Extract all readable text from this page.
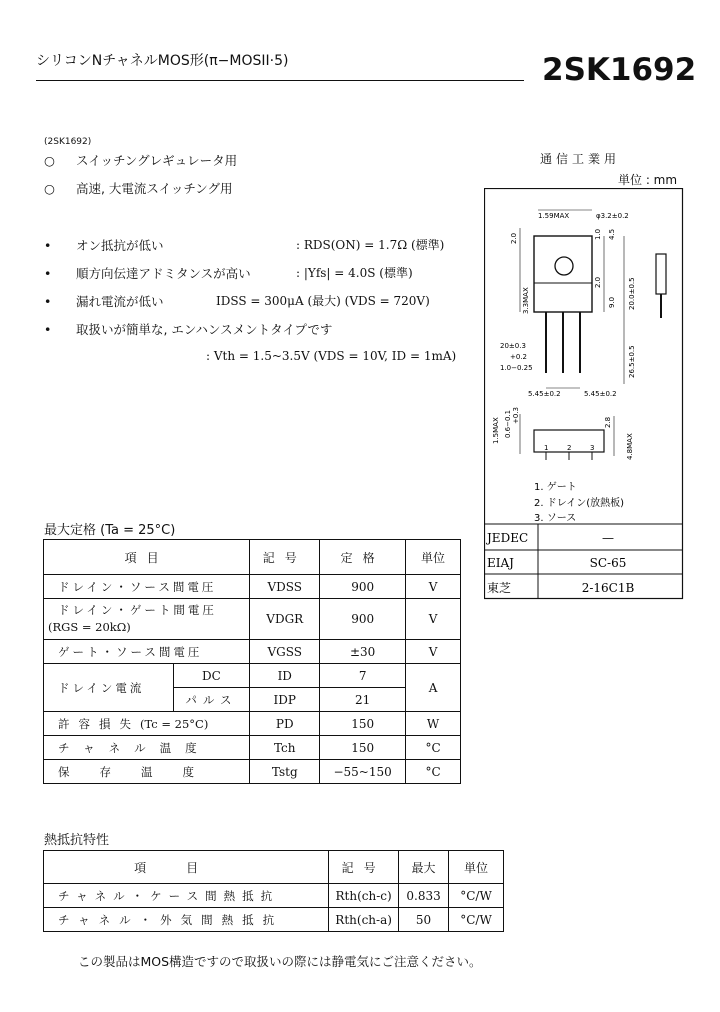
シリコンNチャネルMOS形(π−MOSII·5)	2SK1692
(2SK1692)
○ スイッチングレギュレータ用
○ 高速, 大電流スイッチング用
• オン抵抗が低い	: RDS(ON) = 1.7Ω (標準)
• 順方向伝達アドミタンスが高い	: |Yfs| = 4.0S (標準)
• 漏れ電流が低い	IDSS = 300μA (最大) (VDS = 720V)
• 取扱いが簡単な, エンハンスメントタイプです
: Vth = 1.5~3.5V (VDS = 10V, ID = 1mA)
通信工業用
単位 : mm
1.59MAX	φ3.2±0.2
2.0	1.0 4.5
3.3MAX
2.0
9.0 20.0±0.5
20±0.3
+0.2
1.0−0.25	26.5±0.5
5.45±0.2	5.45±0.2
1.5MAX 0.6−0.1 +0.3	2.8
4.8MAX
1	2	3
1. ゲート
2. ドレイン(放熱板)
3. ソース
JEDEC	—
EIAJ	SC-65
東芝	2-16C1B
最大定格 (Ta = 25°C)
項目		記号	定格	単位
ドレイン・ソース間電圧		VDSS	900	V

ドレイン・ゲート間電圧
(RGS = 20kΩ)		VDGR	900	V
ゲート・ソース間電圧		VGSS	±30	V
ドレイン電流	DC	ID	7	A
	パルス	IDP	21	
許容損失(Tc = 25°C)		PD	150	W
チャネル温度		Tch	150	°C
保存温度		Tstg	−55~150	°C
熱抵抗特性
項目	記号	最大	単位
チャネル・ケース間熱抵抗	Rth(ch-c)	0.833	°C/W
チャネル・外気間熱抵抗	Rth(ch-a)	50	°C/W
この製品はMOS構造ですので取扱いの際には静電気にご注意ください。
